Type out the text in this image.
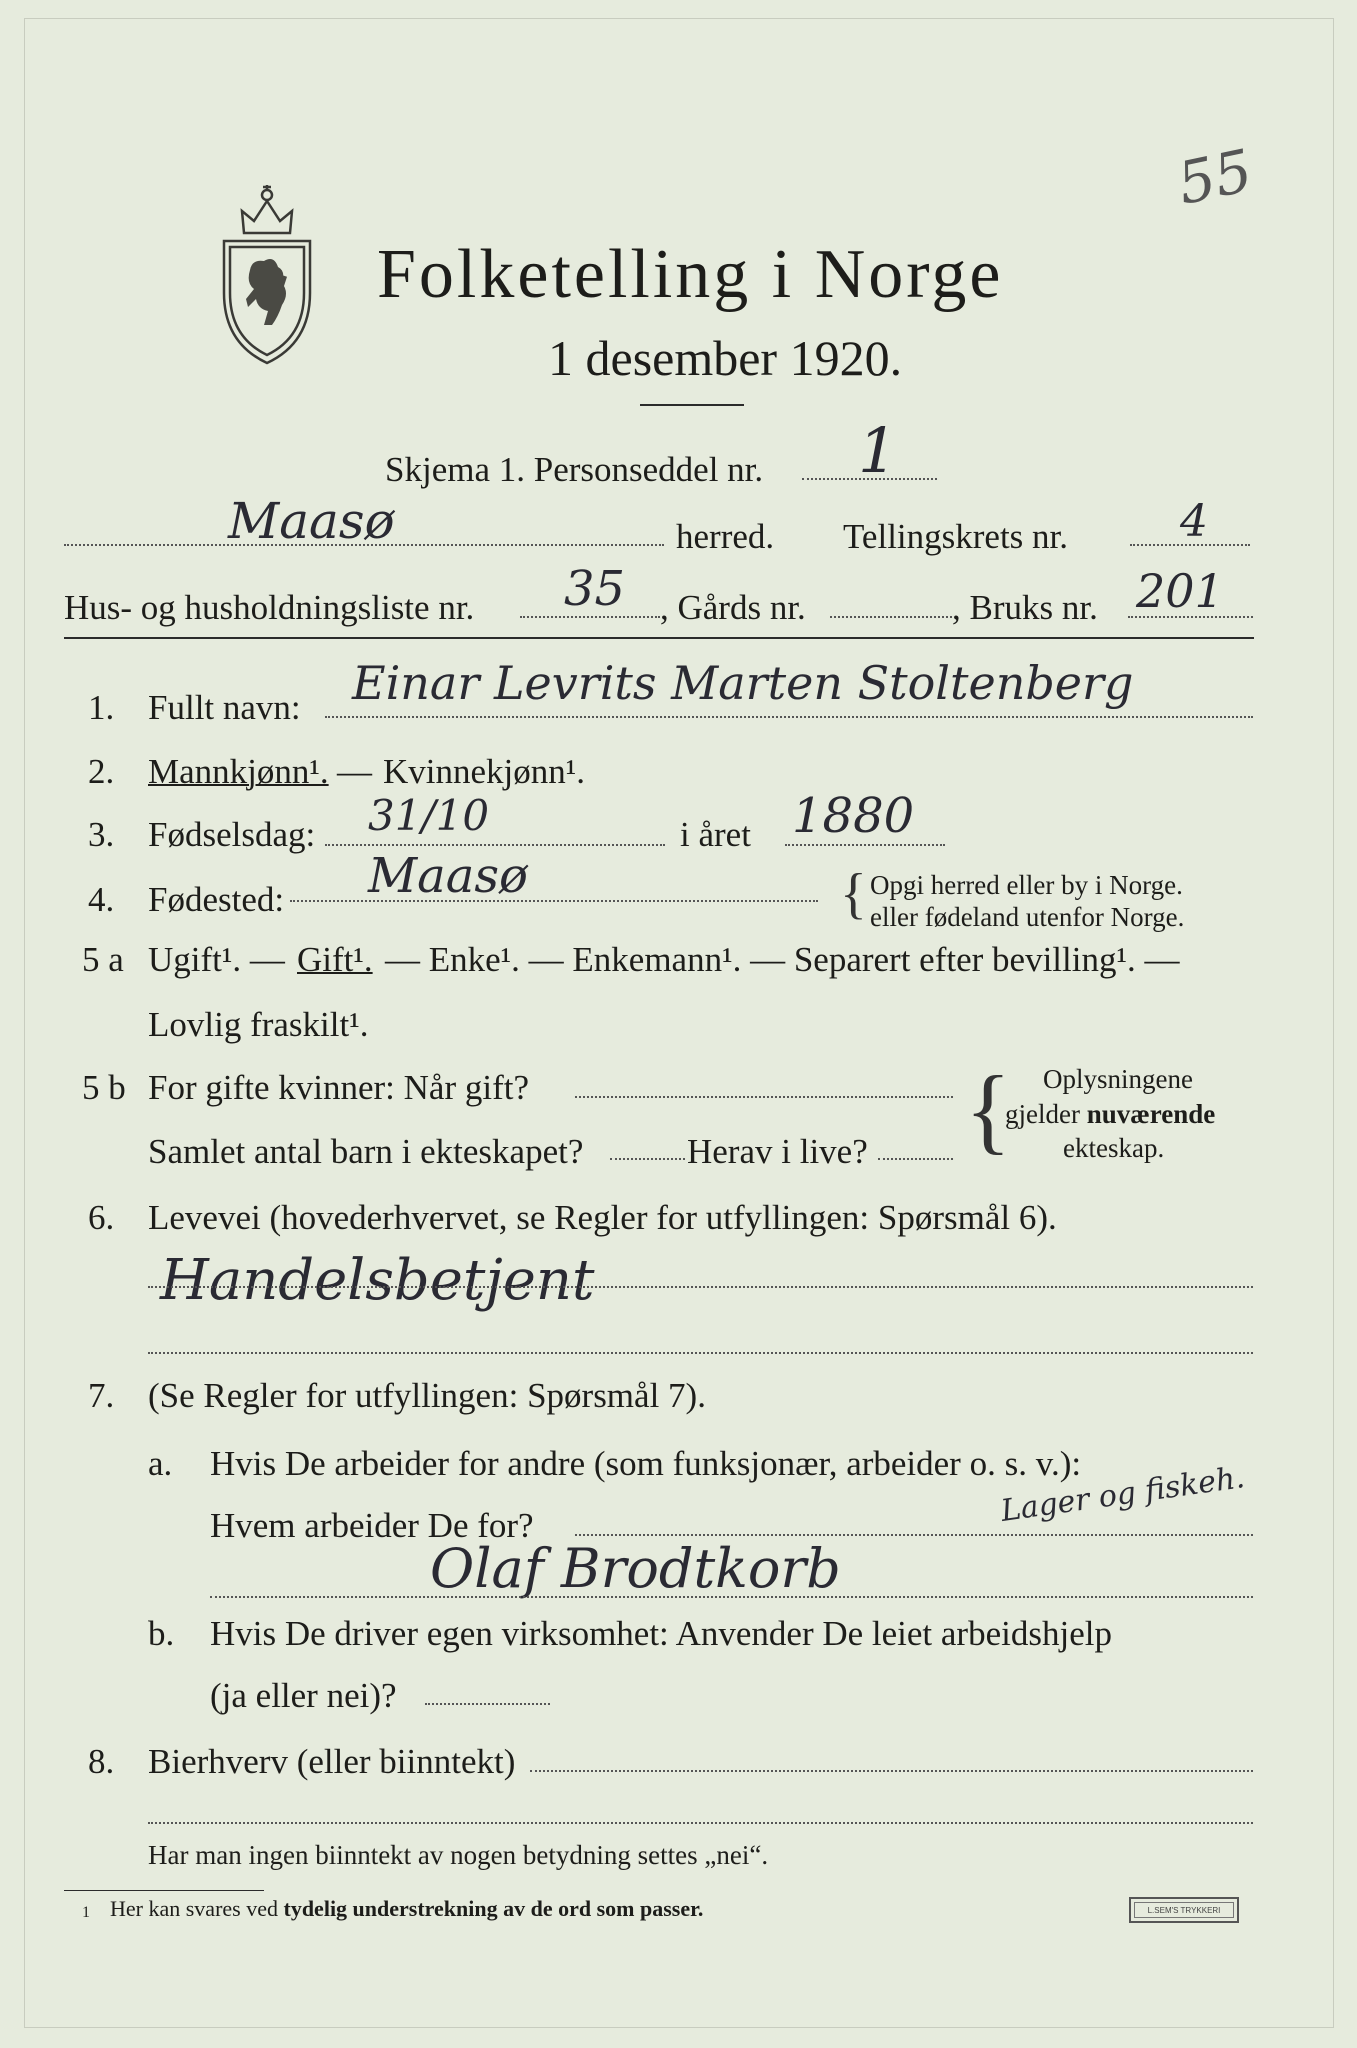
55
Folketelling i Norge
1 desember 1920.
Skjema 1. Personseddel nr. 1
Maasø	herred. Tellingskrets nr.	4
Hus- og husholdningsliste nr. 35 , Gårds nr.	, Bruks nr. 201
1. Fullt navn: Einar Levrits Marten Stoltenberg
2. Mannkjønn¹. — Kvinnekjønn¹.
3. Fødselsdag: 31/10	i året 1880
4. Fødested: Maasø	{ Opgi herred eller by i Norge.
eller fødeland utenfor Norge.
5 a Ugift¹. — Gift¹. — Enke¹. — Enkemann¹. — Separert efter bevilling¹. —
Lovlig fraskilt¹.
5 b For gifte kvinner: Når gift?
Samlet antal barn i ekteskapet?	Herav i live? { Oplysningene
gjelder nuværende
ekteskap.
6. Levevei (hovederhvervet, se Regler for utfyllingen: Spørsmål 6).
Handelsbetjent
7. (Se Regler for utfyllingen: Spørsmål 7).
a. Hvis De arbeider for andre (som funksjonær, arbeider o. s. v.):
Hvem arbeider De for?	Lager og fiskeh.
Olaf Brodtkorb
b. Hvis De driver egen virksomhet: Anvender De leiet arbeidshjelp
(ja eller nei)?
8. Bierhverv (eller biinntekt)
Har man ingen biinntekt av nogen betydning settes „nei“.
1 Her kan svares ved tydelig understrekning av de ord som passer.	L.SEM'S TRYKKERI
